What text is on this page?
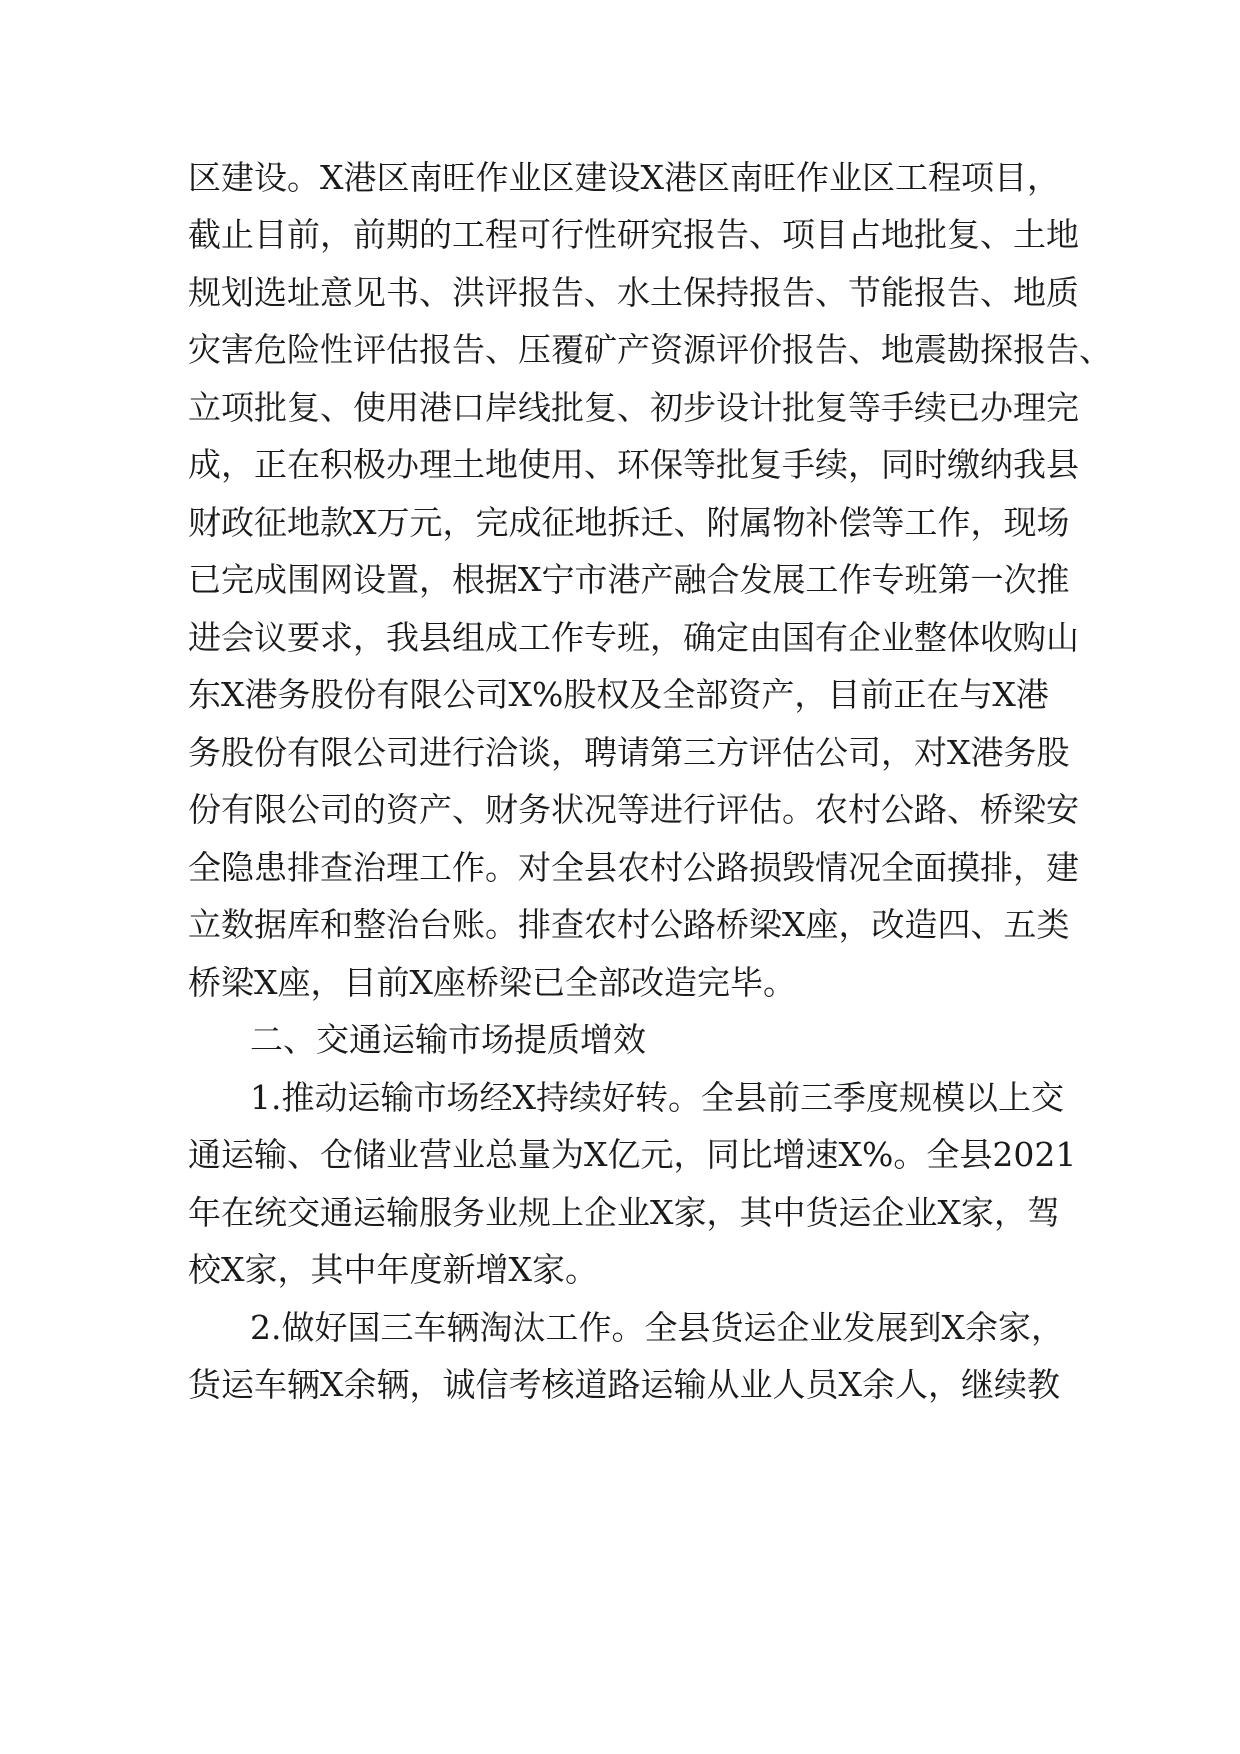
区建设。X港区南旺作业区建设X港区南旺作业区工程项目，
截止目前，前期的工程可行性研究报告、项目占地批复、土地
规划选址意见书、洪评报告、水土保持报告、节能报告、地质
灾害危险性评估报告、压覆矿产资源评价报告、地震勘探报告、
立项批复、使用港口岸线批复、初步设计批复等手续已办理完
成，正在积极办理土地使用、环保等批复手续，同时缴纳我县
财政征地款X万元，完成征地拆迁、附属物补偿等工作，现场
已完成围网设置，根据X宁市港产融合发展工作专班第一次推
进会议要求，我县组成工作专班，确定由国有企业整体收购山
东X港务股份有限公司X%股权及全部资产，目前正在与X港
务股份有限公司进行洽谈，聘请第三方评估公司，对X港务股
份有限公司的资产、财务状况等进行评估。农村公路、桥梁安
全隐患排查治理工作。对全县农村公路损毁情况全面摸排，建
立数据库和整治台账。排查农村公路桥梁X座，改造四、五类
桥梁X座，目前X座桥梁已全部改造完毕。
二、交通运输市场提质增效
1.推动运输市场经X持续好转。全县前三季度规模以上交
通运输、仓储业营业总量为X亿元，同比增速X%。全县2021
年在统交通运输服务业规上企业X家，其中货运企业X家，驾
校X家，其中年度新增X家。
2.做好国三车辆淘汰工作。全县货运企业发展到X余家，
货运车辆X余辆，诚信考核道路运输从业人员X余人，继续教
